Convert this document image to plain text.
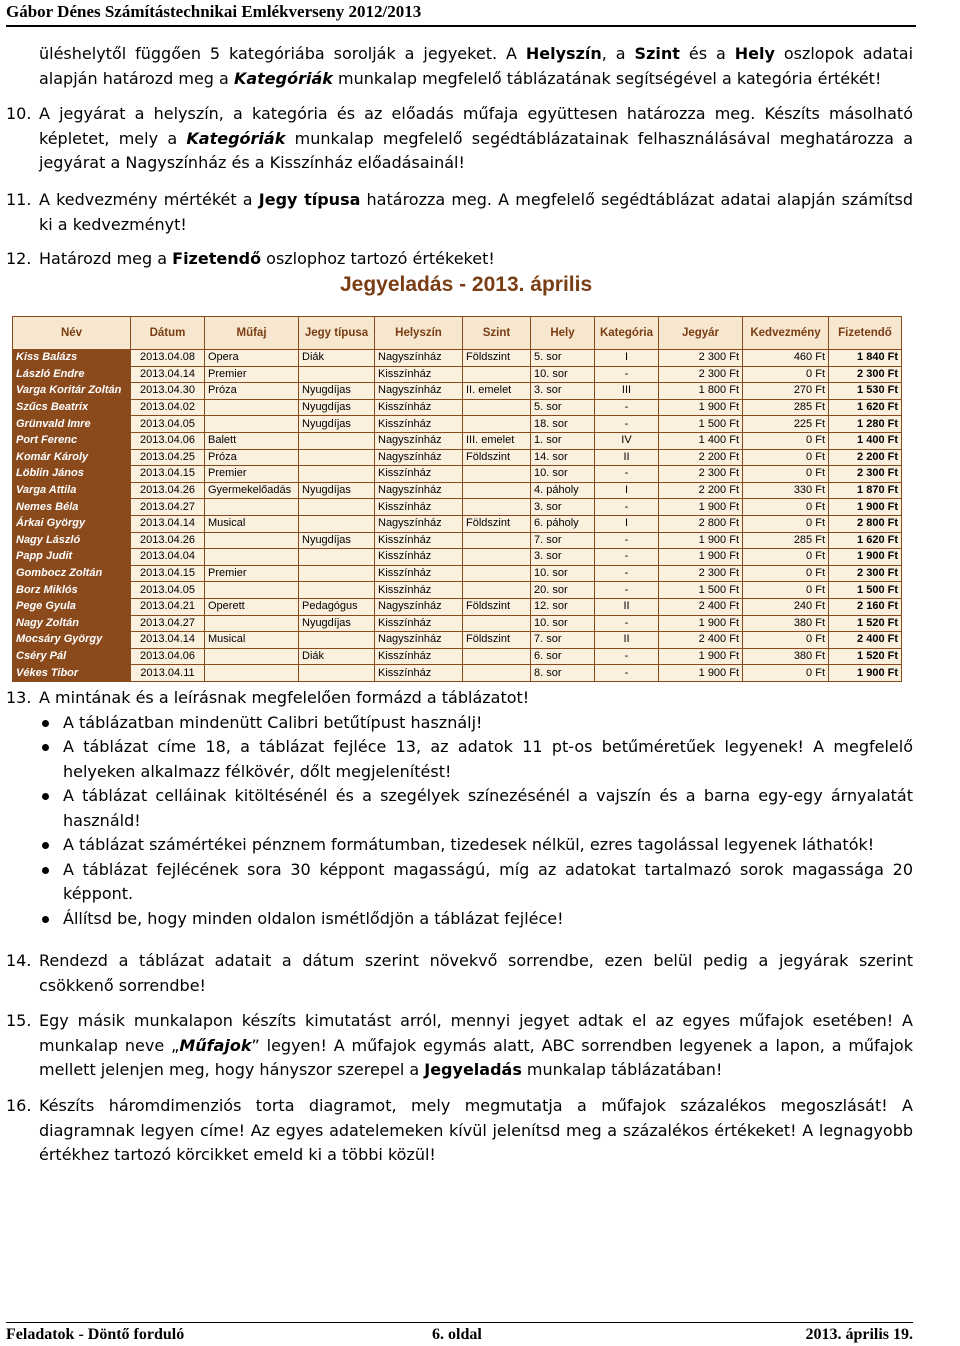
Gábor Dénes Számítástechnikai Emlékverseny 2012/2013
üléshelytől függően 5 kategóriába sorolják a jegyeket. A Helyszín, a Szint és a Hely oszlopok adatai alapján határozd meg a Kategóriák munkalap megfelelő táblázatának segítségével a kategória értékét!
10. A jegyárat a helyszín, a kategória és az előadás műfaja együttesen határozza meg. Készíts másolható képletet, mely a Kategóriák munkalap megfelelő segédtáblázatainak felhasználásával meghatározza a jegyárat a Nagyszínház és a Kisszínház előadásainál!
11. A kedvezmény mértékét a Jegy típusa határozza meg. A megfelelő segédtáblázat adatai alapján számítsd ki a kedvezményt!
12. Határozd meg a Fizetendő oszlophoz tartozó értékeket!
Jegyeladás - 2013. április
Név	Dátum	Műfaj	Jegy típusa	Helyszín	Szint	Hely	Kategória	Jegyár	Kedvezmény	Fizetendő
Kiss Balázs	2013.04.08	Opera	Diák	Nagyszínház	Földszint	5. sor	I	2 300 Ft	460 Ft	1 840 Ft
László Endre	2013.04.14	Premier		Kisszínház		10. sor	-	2 300 Ft	0 Ft	2 300 Ft
Varga Koritár Zoltán	2013.04.30	Próza	Nyugdíjas	Nagyszínház	II. emelet	3. sor	III	1 800 Ft	270 Ft	1 530 Ft
Szűcs Beatrix	2013.04.02		Nyugdíjas	Kisszínház		5. sor	-	1 900 Ft	285 Ft	1 620 Ft
Grünvald Imre	2013.04.05		Nyugdíjas	Kisszínház		18. sor	-	1 500 Ft	225 Ft	1 280 Ft
Port Ferenc	2013.04.06	Balett		Nagyszínház	III. emelet	1. sor	IV	1 400 Ft	0 Ft	1 400 Ft
Komár Károly	2013.04.25	Próza		Nagyszínház	Földszint	14. sor	II	2 200 Ft	0 Ft	2 200 Ft
Löblin János	2013.04.15	Premier		Kisszínház		10. sor	-	2 300 Ft	0 Ft	2 300 Ft
Varga Attila	2013.04.26	Gyermekelőadás	Nyugdíjas	Nagyszínház		4. páholy	I	2 200 Ft	330 Ft	1 870 Ft
Nemes Béla	2013.04.27			Kisszínház		3. sor	-	1 900 Ft	0 Ft	1 900 Ft
Árkai György	2013.04.14	Musical		Nagyszínház	Földszint	6. páholy	I	2 800 Ft	0 Ft	2 800 Ft
Nagy László	2013.04.26		Nyugdíjas	Kisszínház		7. sor	-	1 900 Ft	285 Ft	1 620 Ft
Papp Judit	2013.04.04			Kisszínház		3. sor	-	1 900 Ft	0 Ft	1 900 Ft
Gombocz Zoltán	2013.04.15	Premier		Kisszínház		10. sor	-	2 300 Ft	0 Ft	2 300 Ft
Borz Miklós	2013.04.05			Kisszínház		20. sor	-	1 500 Ft	0 Ft	1 500 Ft
Pege Gyula	2013.04.21	Operett	Pedagógus	Nagyszínház	Földszint	12. sor	II	2 400 Ft	240 Ft	2 160 Ft
Nagy Zoltán	2013.04.27		Nyugdíjas	Kisszínház		10. sor	-	1 900 Ft	380 Ft	1 520 Ft
Mocsáry György	2013.04.14	Musical		Nagyszínház	Földszint	7. sor	II	2 400 Ft	0 Ft	2 400 Ft
Cséry Pál	2013.04.06		Diák	Kisszínház		6. sor	-	1 900 Ft	380 Ft	1 520 Ft
Vékes Tibor	2013.04.11			Kisszínház		8. sor	-	1 900 Ft	0 Ft	1 900 Ft
13. A mintának és a leírásnak megfelelően formázd a táblázatot!
A táblázatban mindenütt Calibri betűtípust használj!
A táblázat címe 18, a táblázat fejléce 13, az adatok 11 pt-os betűméretűek legyenek! A megfelelő helyeken alkalmazz félkövér, dőlt megjelenítést!
A táblázat celláinak kitöltésénél és a szegélyek színezésénél a vajszín és a barna egy-egy árnyalatát használd!
A táblázat számértékei pénznem formátumban, tizedesek nélkül, ezres tagolással legyenek láthatók!
A táblázat fejlécének sora 30 képpont magasságú, míg az adatokat tartalmazó sorok magassága 20 képpont.
Állítsd be, hogy minden oldalon ismétlődjön a táblázat fejléce!
14. Rendezd a táblázat adatait a dátum szerint növekvő sorrendbe, ezen belül pedig a jegyárak szerint csökkenő sorrendbe!
15. Egy másik munkalapon készíts kimutatást arról, mennyi jegyet adtak el az egyes műfajok esetében! A munkalap neve „Műfajok” legyen! A műfajok egymás alatt, ABC sorrendben legyenek a lapon, a műfajok mellett jelenjen meg, hogy hányszor szerepel a Jegyeladás munkalap táblázatában!
16. Készíts háromdimenziós torta diagramot, mely megmutatja a műfajok százalékos megoszlását! A diagramnak legyen címe! Az egyes adatelemeken kívül jelenítsd meg a százalékos értékeket! A legnagyobb értékhez tartozó körcikket emeld ki a többi közül!
Feladatok - Döntő forduló	6. oldal	2013. április 19.
